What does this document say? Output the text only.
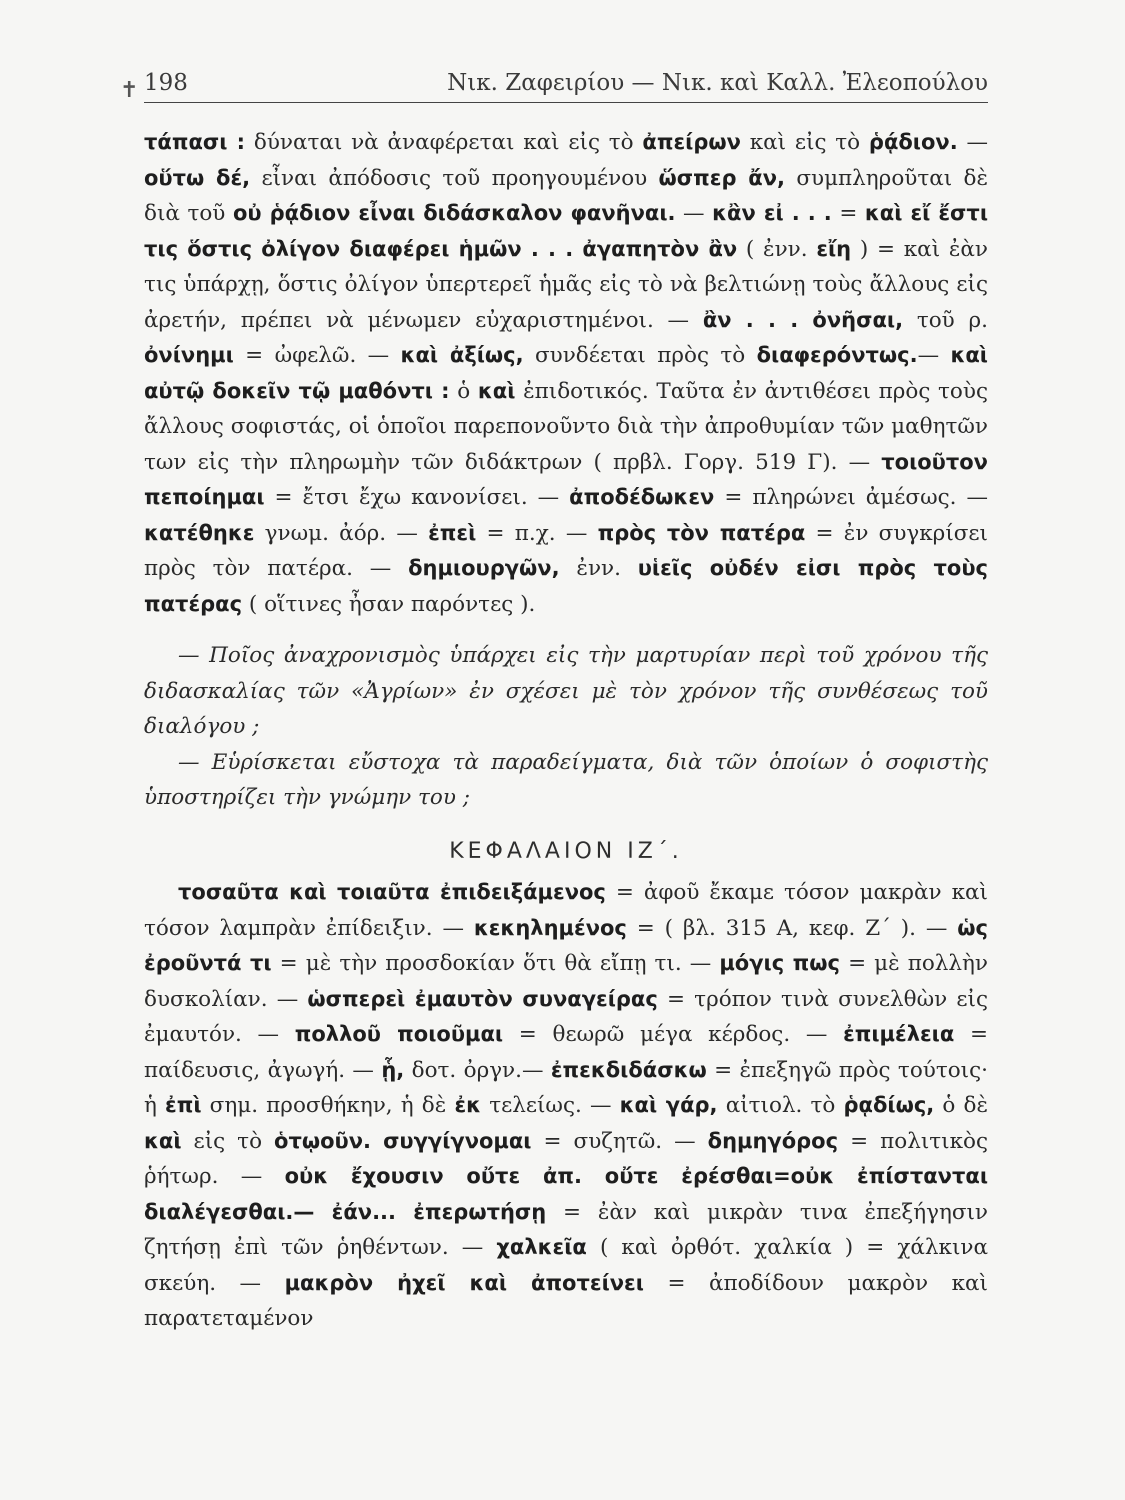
✝ 198	Νικ. Ζαφειρίου — Νικ. καὶ Καλλ. Ἐλεοπούλου

τάπασι : δύναται νὰ ἀναφέρεται καὶ εἰς τὸ ἀπείρων καὶ εἰς τὸ ῥᾴδιον. — οὕτω δέ, εἶναι ἀπόδοσις τοῦ προηγουμένου ὥσπερ ἄν, συμπληροῦται δὲ διὰ τοῦ οὐ ῥᾴδιον εἶναι διδάσκαλον φανῆναι. — κἂν εἰ . . . = καὶ εἴ ἔστι τις ὅστις ὀλίγον διαφέρει ἡμῶν . . . ἀγαπητὸν ἂν ( ἐνν. εἴη ) = καὶ ἐὰν τις ὑπάρχῃ, ὅστις ὀλίγον ὑπερτερεῖ ἡμᾶς εἰς τὸ νὰ βελτιώνῃ τοὺς ἄλλους εἰς ἀρετήν, πρέπει νὰ μένωμεν εὐχαριστημένοι. — ἂν . . . ὀνῆσαι, τοῦ ρ. ὀνίνημι = ὠφελῶ. — καὶ ἀξίως, συνδέεται πρὸς τὸ διαφερόντως.— καὶ αὐτῷ δοκεῖν τῷ μαθόντι : ὁ καὶ ἐπιδοτικός. Ταῦτα ἐν ἀντιθέσει πρὸς τοὺς ἄλλους σοφιστάς, οἱ ὁποῖοι παρεπονοῦντο διὰ τὴν ἀπροθυμίαν τῶν μαθητῶν των εἰς τὴν πληρωμὴν τῶν διδάκτρων ( πρβλ. Γοργ. 519 Γ). — τοιοῦτον πεποίημαι = ἔτσι ἔχω κανονίσει. — ἀποδέδωκεν = πληρώνει ἀμέσως. — κατέθηκε γνωμ. ἀόρ. — ἐπεὶ = π.χ. — πρὸς τὸν πατέρα = ἐν συγκρίσει πρὸς τὸν πατέρα. — δημιουργῶν, ἐνν. υἱεῖς οὐδέν εἰσι πρὸς τοὺς πατέρας ( οἵτινες ἦσαν παρόντες ).

— Ποῖος ἀναχρονισμὸς ὑπάρχει εἰς τὴν μαρτυρίαν περὶ τοῦ χρόνου τῆς διδασκαλίας τῶν «Ἀγρίων» ἐν σχέσει μὲ τὸν χρόνον τῆς συνθέσεως τοῦ διαλόγου ;

— Εὑρίσκεται εὔστοχα τὰ παραδείγματα, διὰ τῶν ὁποίων ὁ σοφιστὴς ὑποστηρίζει τὴν γνώμην του ;

ΚΕΦΑΛΑΙΟΝ ΙΖ΄.

τοσαῦτα καὶ τοιαῦτα ἐπιδειξάμενος = ἀφοῦ ἔκαμε τόσον μακρὰν καὶ τόσον λαμπρὰν ἐπίδειξιν. — κεκηλημένος = ( βλ. 315 Α, κεφ. Ζ΄ ). — ὡς ἐροῦντά τι = μὲ τὴν προσδοκίαν ὅτι θὰ εἴπῃ τι. — μόγις πως = μὲ πολλὴν δυσκολίαν. — ὡσπερεὶ ἐμαυτὸν συναγείρας = τρόπον τινὰ συνελθὼν εἰς ἐμαυτόν. — πολλοῦ ποιοῦμαι = θεωρῶ μέγα κέρδος. — ἐπιμέλεια = παίδευσις, ἀγωγή. — ᾗ, δοτ. ὀργν.— ἐπεκδιδάσκω = ἐπεξηγῶ πρὸς τούτοις· ἡ ἐπὶ σημ. προσθήκην, ἡ δὲ ἐκ τελείως. — καὶ γάρ, αἰτιολ. τὸ ῥᾳδίως, ὁ δὲ καὶ εἰς τὸ ὁτῳοῦν. συγγίγνομαι = συζητῶ. — δημηγόρος = πολιτικὸς ῥήτωρ. — οὐκ ἔχουσιν οὔτε ἀπ. οὔτε ἐρέσθαι=οὐκ ἐπίστανται διαλέγεσθαι.— ἐάν... ἐπερωτήσῃ = ἐὰν καὶ μικρὰν τινα ἐπεξήγησιν ζητήσῃ ἐπὶ τῶν ῥηθέντων. — χαλκεῖα ( καὶ ὀρθότ. χαλκία ) = χάλκινα σκεύη. — μακρὸν ἠχεῖ καὶ ἀποτείνει = ἀποδίδουν μακρὸν καὶ παρατεταμένον
